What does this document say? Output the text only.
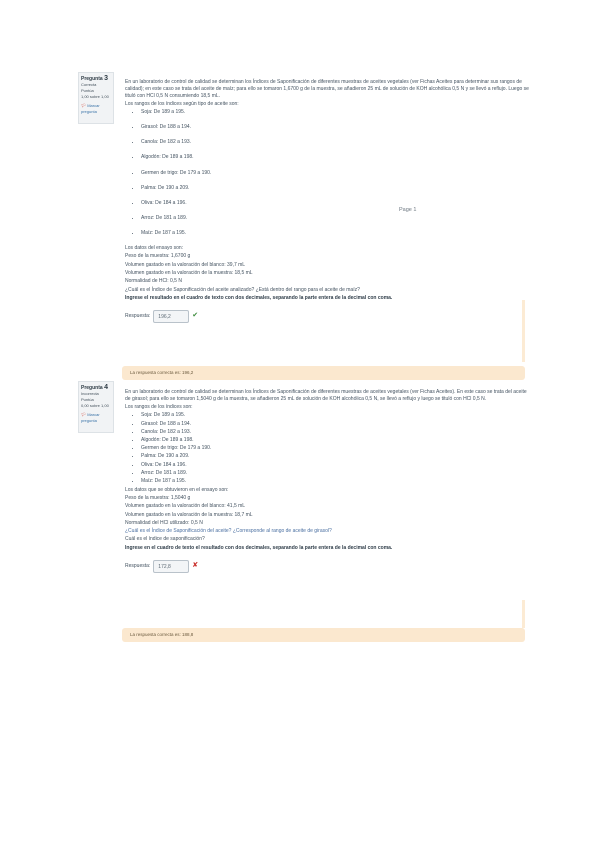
Pregunta 3
Correcta
Puntúa
1,00 sobre 1,00
🏳 Marcar pregunta

En un laboratorio de control de calidad se determinan los Índices de Saponificación de diferentes muestras de aceites vegetales (ver Fichas Aceites para determinar sus rangos de calidad); en este caso se trata del aceite de maíz; para ello se tomaron 1,6700 g de la muestra, se añadieron 25 mL de solución de KOH alcohólica 0,5 N y se llevó a reflujo. Luego se tituló con HCl 0,5 N consumiendo 18,5 mL.

Los rangos de los índices según tipo de aceite son:

• Soja: De 189 a 195.
• Girasol: De 188 a 194.
• Canola: De 182 a 193.
• Algodón: De 189 a 198.
• Germen de trigo: De 179 a 190.
• Palma: De 190 a 209.
• Oliva: De 184 a 196.
• Arroz: De 181 a 189.
• Maíz: De 187 a 195.

Los datos del ensayo son:

Peso de la muestra: 1,6700 g

Volumen gastado en la valoración del blanco: 39,7 mL

Volumen gastado en la valoración de la muestra: 18,5 mL

Normalidad de HCl: 0,5 N

¿Cuál es el Índice de Saponificación del aceite analizado? ¿Está dentro del rango para el aceite de maíz?

Ingrese el resultado en el cuadro de texto con dos decimales, separando la parte entera de la decimal con coma.

Respuesta:	196,2	✔
Page 1
La respuesta correcta es: 196,2
Pregunta 4
Incorrecta
Puntúa
0,00 sobre 1,00
🏳 Marcar pregunta

En un laboratorio de control de calidad se determinan los Índices de Saponificación de diferentes muestras de aceites vegetales (ver Fichas Aceites). En este caso se trata del aceite de girasol; para ello se tomaron 1,5040 g de la muestra, se añadieron 25 mL de solución de KOH alcohólica 0,5 N, se llevó a reflujo y luego se tituló con HCl 0,5 N.

Los rangos de los índices son:

• Soja: De 189 a 195.
• Girasol: De 188 a 194.
• Canola: De 182 a 193.
• Algodón: De 189 a 198.
• Germen de trigo: De 179 a 190.
• Palma: De 190 a 209.
• Oliva: De 184 a 196.
• Arroz: De 181 a 189.
• Maíz: De 187 a 195.

Los datos que se obtuvieron en el ensayo son:

Peso de la muestra: 1,5040 g

Volumen gastado en la valoración del blanco: 41,5 mL

Volumen gastado en la valoración de la muestra: 18,7 mL

Normalidad del HCl utilizado: 0,5 N

¿Cuál es el Índice de Saponificación del aceite? ¿Corresponde al rango de aceite de girasol?

Cuál es el índice de saponificación?

Ingrese en el cuadro de texto el resultado con dos decimales, separando la parte entera de la decimal con coma.

Respuesta:	172,8	✘
La respuesta correcta es: 188,8
